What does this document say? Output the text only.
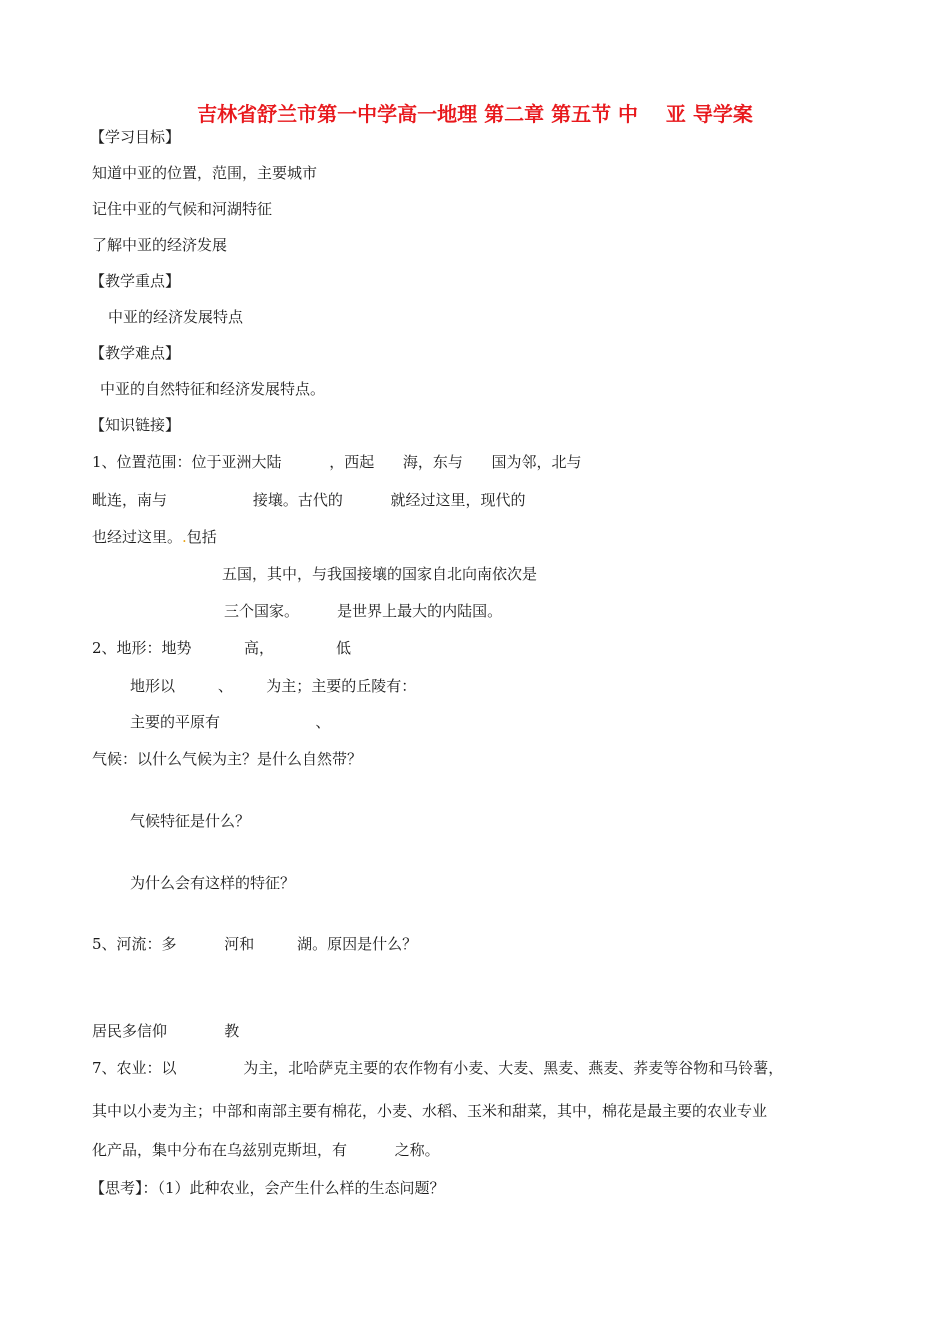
吉林省舒兰市第一中学高一地理 第二章 第五节 中    亚 导学案
【学习目标】
知道中亚的位置，范围，主要城市
记住中亚的气候和河湖特征
了解中亚的经济发展
【教学重点】
中亚的经济发展特点
【教学难点】
中亚的自然特征和经济发展特点。
【知识链接】
1、位置范围：位于亚洲大陆          ，西起      海，东与      国为邻，北与
毗连，南与                  接壤。古代的          就经过这里，现代的
也经过这里。.包括
五国，其中，与我国接壤的国家自北向南依次是
三个国家。        是世界上最大的内陆国。
2、地形：地势           高，             低
地形以         、       为主；主要的丘陵有：
主要的平原有                    、
气候：以什么气候为主？是什么自然带？
气候特征是什么？
为什么会有这样的特征？
5、河流：多          河和         湖。原因是什么？
居民多信仰            教
7、农业：以              为主，北哈萨克主要的农作物有小麦、大麦、黑麦、燕麦、荞麦等谷物和马铃薯，
其中以小麦为主；中部和南部主要有棉花，小麦、水稻、玉米和甜菜，其中，棉花是最主要的农业专业
化产品，集中分布在乌兹别克斯坦，有          之称。
【思考】：（1）此种农业，会产生什么样的生态问题？
